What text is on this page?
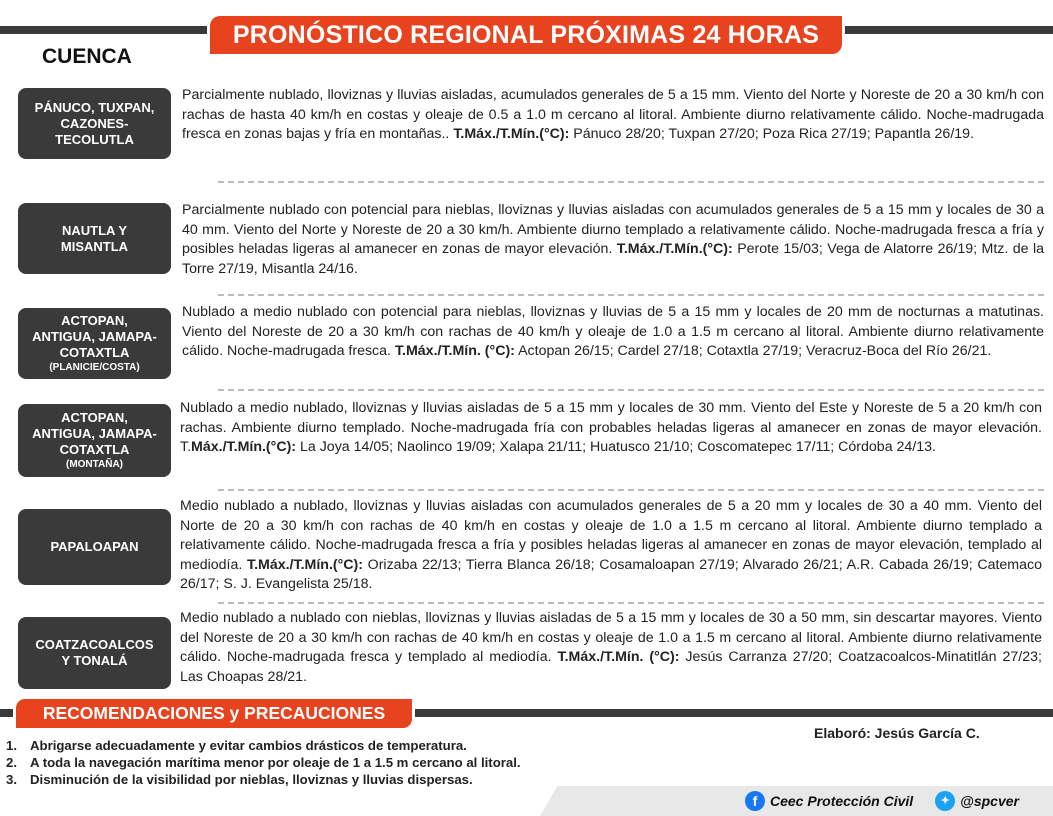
PRONÓSTICO REGIONAL PRÓXIMAS 24 HORAS
CUENCA
PÁNUCO, TUXPAN,
CAZONES-
TECOLUTLA
Parcialmente nublado, lloviznas y lluvias aisladas, acumulados generales de 5 a 15 mm. Viento del Norte y Noreste de 20 a 30 km/h con rachas de hasta 40 km/h en costas y oleaje de 0.5 a 1.0 m cercano al litoral. Ambiente diurno relativamente cálido. Noche-madrugada fresca en zonas bajas y fría en montañas.. T.Máx./T.Mín.(°C): Pánuco 28/20; Tuxpan 27/20; Poza Rica 27/19; Papantla 26/19.
NAUTLA Y
MISANTLA
Parcialmente nublado con potencial para nieblas, lloviznas y lluvias aisladas con acumulados generales de 5 a 15 mm y locales de 30 a 40 mm. Viento del Norte y Noreste de 20 a 30 km/h. Ambiente diurno templado a relativamente cálido. Noche-madrugada fresca a fría y posibles heladas ligeras al amanecer en zonas de mayor elevación. T.Máx./T.Mín.(°C): Perote 15/03; Vega de Alatorre 26/19; Mtz. de la Torre 27/19, Misantla 24/16.
ACTOPAN,
ANTIGUA, JAMAPA-
COTAXTLA
(PLANICIE/COSTA)
Nublado a medio nublado con potencial para nieblas, lloviznas y lluvias de 5 a 15 mm y locales de 20 mm de nocturnas a matutinas. Viento del Noreste de 20 a 30 km/h con rachas de 40 km/h y oleaje de 1.0 a 1.5 m cercano al litoral. Ambiente diurno relativamente cálido. Noche-madrugada fresca. T.Máx./T.Mín. (°C): Actopan 26/15; Cardel 27/18; Cotaxtla 27/19; Veracruz-Boca del Río 26/21.
ACTOPAN,
ANTIGUA, JAMAPA-
COTAXTLA
(MONTAÑA)
Nublado a medio nublado, lloviznas y lluvias aisladas de 5 a 15 mm y locales de 30 mm. Viento del Este y Noreste de 5 a 20 km/h con rachas. Ambiente diurno templado. Noche-madrugada fría con probables heladas ligeras al amanecer en zonas de mayor elevación. T.Máx./T.Mín.(°C): La Joya 14/05; Naolinco 19/09; Xalapa 21/11; Huatusco 21/10; Coscomatepec 17/11; Córdoba 24/13.
PAPALOAPAN
Medio nublado a nublado, lloviznas y lluvias aisladas con acumulados generales de 5 a 20 mm y locales de 30 a 40 mm. Viento del Norte de 20 a 30 km/h con rachas de 40 km/h en costas y oleaje de 1.0 a 1.5 m cercano al litoral. Ambiente diurno templado a relativamente cálido. Noche-madrugada fresca a fría y posibles heladas ligeras al amanecer en zonas de mayor elevación, templado al mediodía. T.Máx./T.Mín.(°C): Orizaba 22/13; Tierra Blanca 26/18; Cosamaloapan 27/19; Alvarado 26/21; A.R. Cabada 26/19; Catemaco 26/17; S. J. Evangelista 25/18.
COATZACOALCOS
Y TONALÁ
Medio nublado a nublado con nieblas, lloviznas y lluvias aisladas de 5 a 15 mm y locales de 30 a 50 mm, sin descartar mayores. Viento del Noreste de 20 a 30 km/h con rachas de 40 km/h en costas y oleaje de 1.0 a 1.5 m cercano al litoral. Ambiente diurno relativamente cálido. Noche-madrugada fresca y templado al mediodía. T.Máx./T.Mín. (°C): Jesús Carranza 27/20; Coatzacoalcos-Minatitlán 27/23; Las Choapas 28/21.
RECOMENDACIONES y PRECAUCIONES
1. Abrigarse adecuadamente y evitar cambios drásticos de temperatura.
2. A toda la navegación marítima menor por oleaje de 1 a 1.5 m cercano al litoral.
3. Disminución de la visibilidad por nieblas, lloviznas y lluvias dispersas.
Elaboró: Jesús García C.
f Ceec Protección Civil	✦ @spcver
